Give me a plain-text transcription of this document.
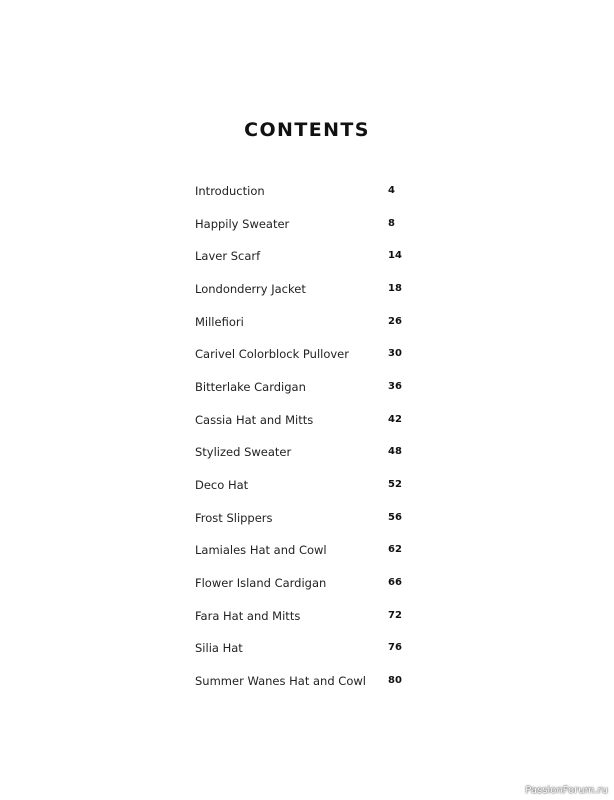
CONTENTS
Introduction	4
Happily Sweater	8
Laver Scarf	14
Londonderry Jacket	18
Millefiori	26
Carivel Colorblock Pullover	30
Bitterlake Cardigan	36
Cassia Hat and Mitts	42
Stylized Sweater	48
Deco Hat	52
Frost Slippers	56
Lamiales Hat and Cowl	62
Flower Island Cardigan	66
Fara Hat and Mitts	72
Silia Hat	76
Summer Wanes Hat and Cowl 80
PassionForum.ru
